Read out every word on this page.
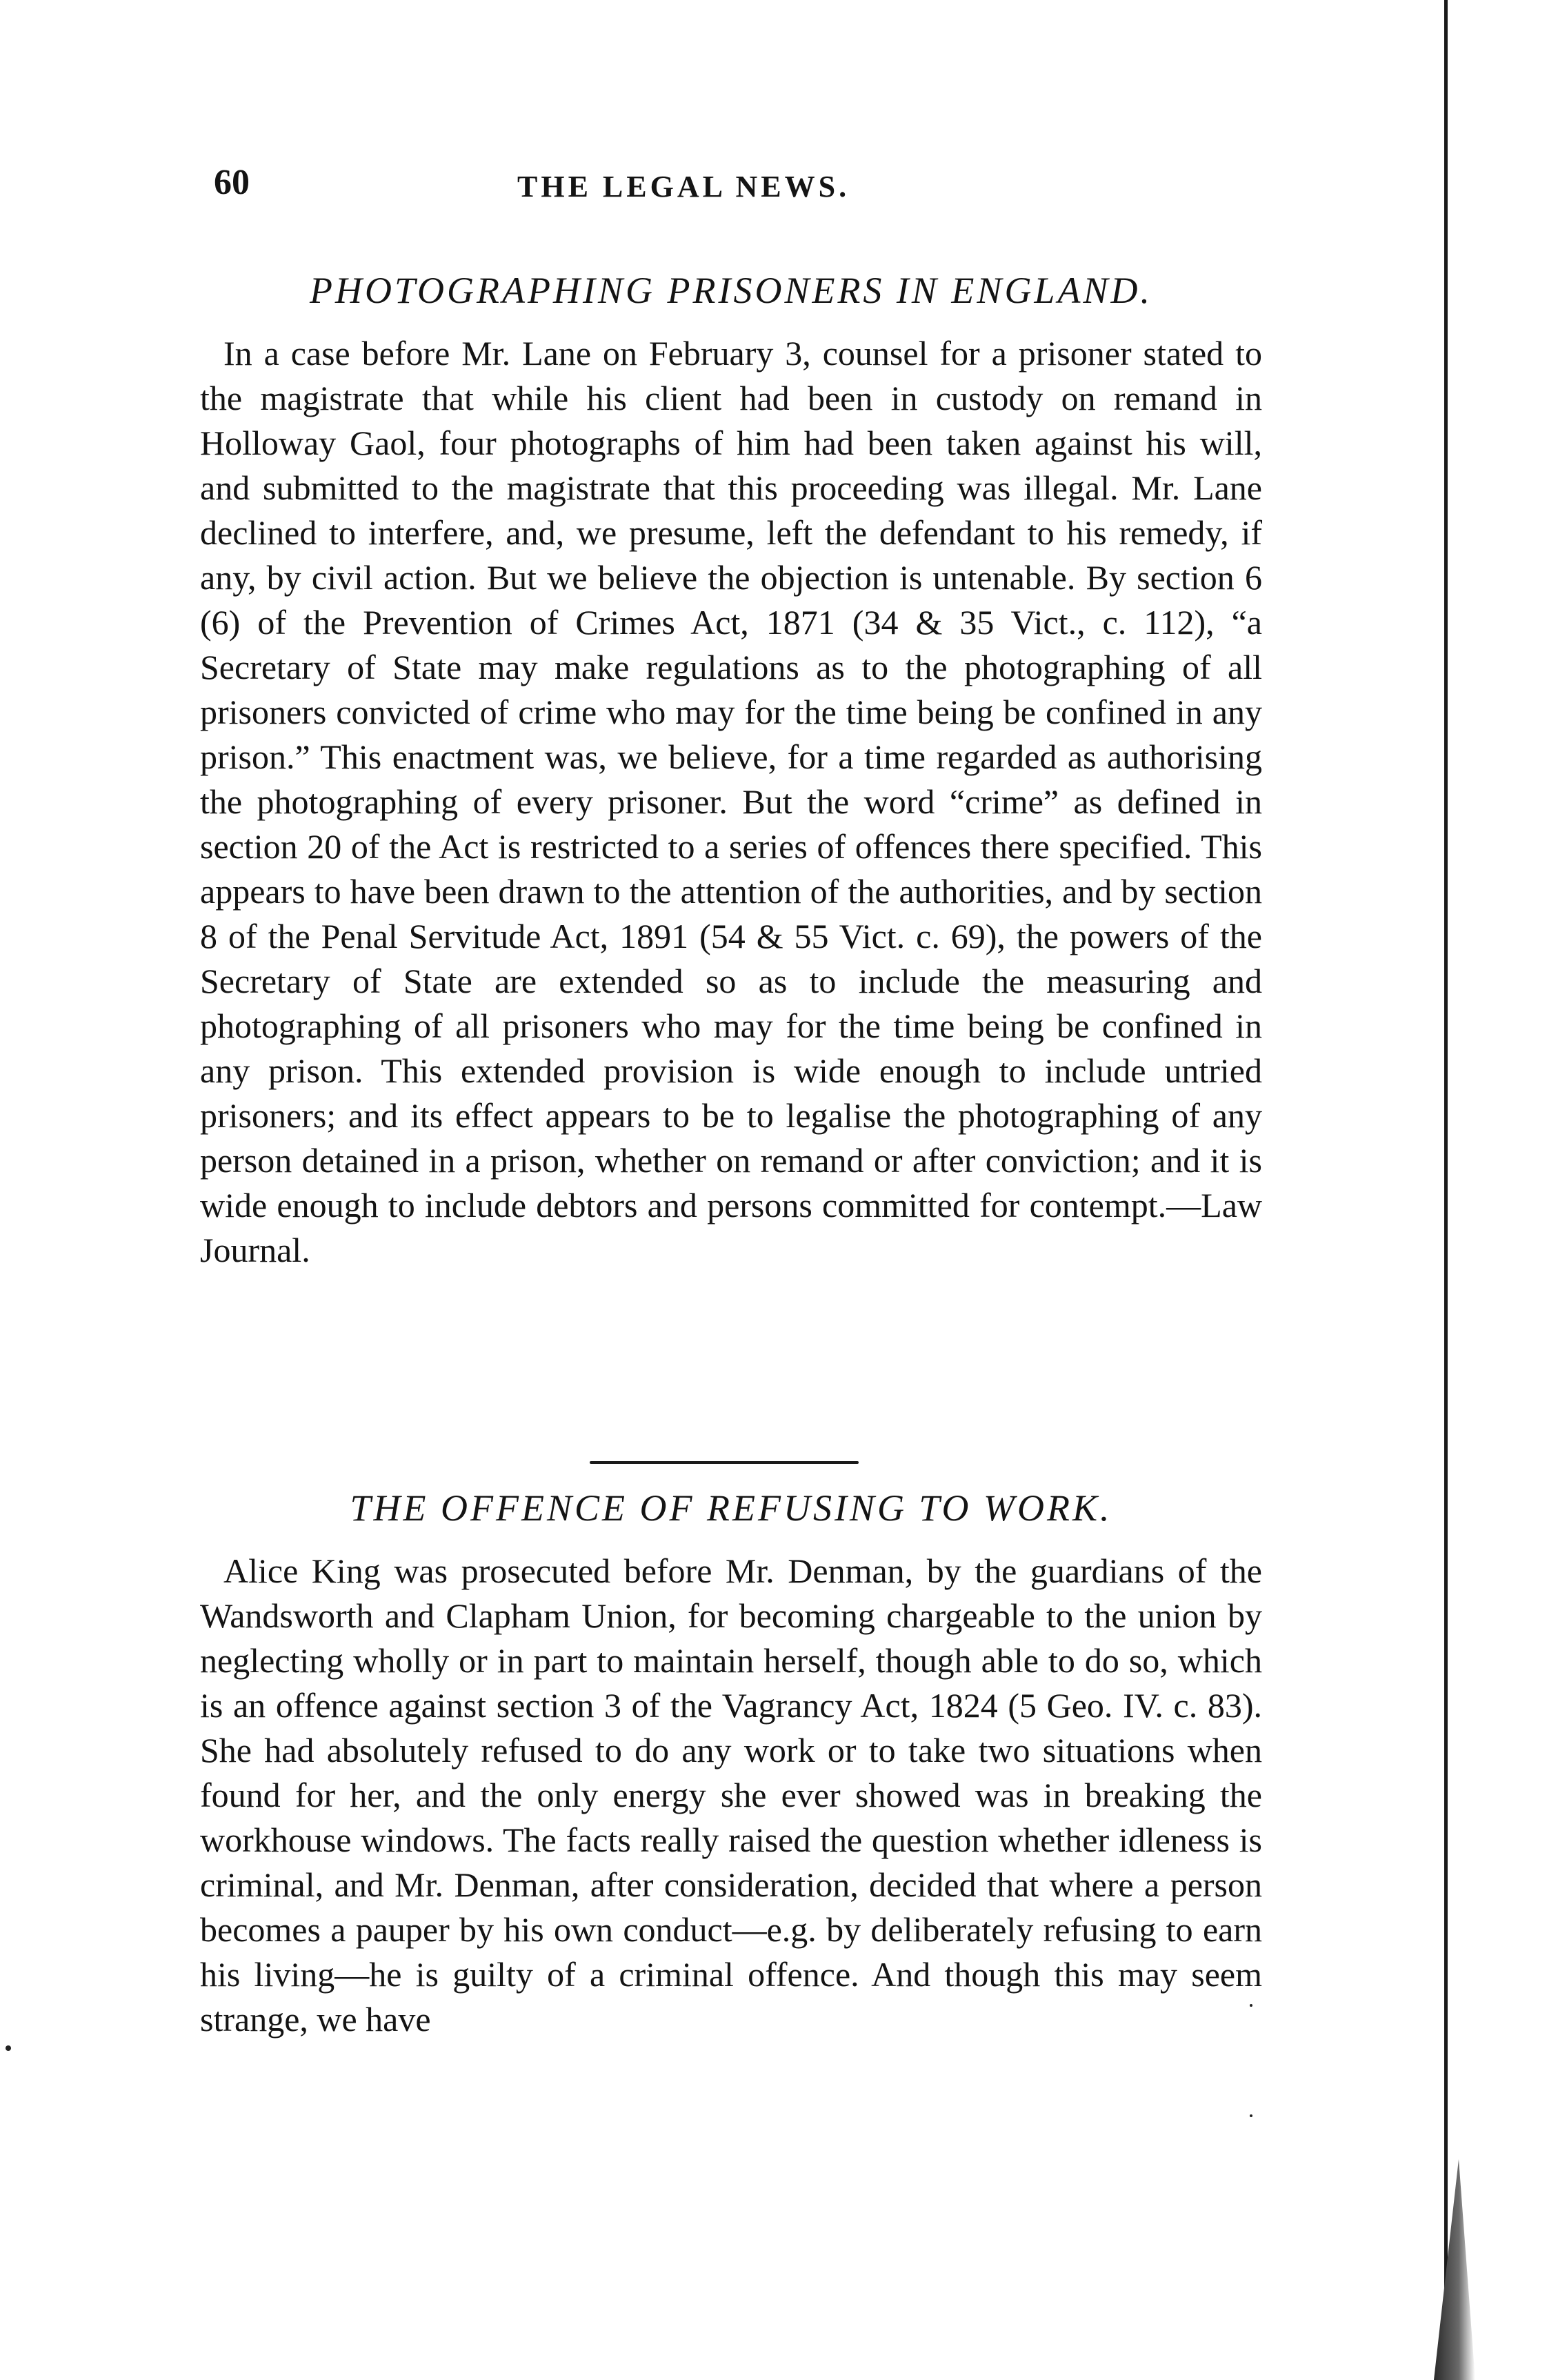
60	THE LEGAL NEWS.
PHOTOGRAPHING PRISONERS IN ENGLAND.

In a case before Mr. Lane on February 3, counsel for a prisoner stated to the magistrate that while his client had been in custody on remand in Holloway Gaol, four photographs of him had been taken against his will, and submitted to the magistrate that this proceeding was illegal. Mr. Lane declined to interfere, and, we presume, left the defendant to his remedy, if any, by civil action. But we believe the objection is untenable. By section 6 (6) of the Prevention of Crimes Act, 1871 (34 & 35 Vict., c. 112), “a Secretary of State may make regulations as to the photographing of all prisoners convicted of crime who may for the time being be confined in any prison.” This enactment was, we believe, for a time regarded as authorising the photographing of every prisoner. But the word “crime” as defined in section 20 of the Act is restricted to a series of offences there specified. This appears to have been drawn to the attention of the authorities, and by section 8 of the Penal Servitude Act, 1891 (54 & 55 Vict. c. 69), the powers of the Secretary of State are extended so as to include the measuring and photographing of all prisoners who may for the time being be confined in any prison. This extended provision is wide enough to include untried prisoners; and its effect appears to be to legalise the photographing of any person detained in a prison, whether on remand or after conviction; and it is wide enough to include debtors and persons committed for contempt.—Law Journal.

THE OFFENCE OF REFUSING TO WORK.

Alice King was prosecuted before Mr. Denman, by the guardians of the Wandsworth and Clapham Union, for becoming chargeable to the union by neglecting wholly or in part to maintain herself, though able to do so, which is an offence against section 3 of the Vagrancy Act, 1824 (5 Geo. IV. c. 83). She had absolutely refused to do any work or to take two situations when found for her, and the only energy she ever showed was in breaking the workhouse windows. The facts really raised the question whether idleness is criminal, and Mr. Denman, after consideration, decided that where a person becomes a pauper by his own conduct—e.g. by deliberately refusing to earn his living—he is guilty of a criminal offence. And though this may seem strange, we have
